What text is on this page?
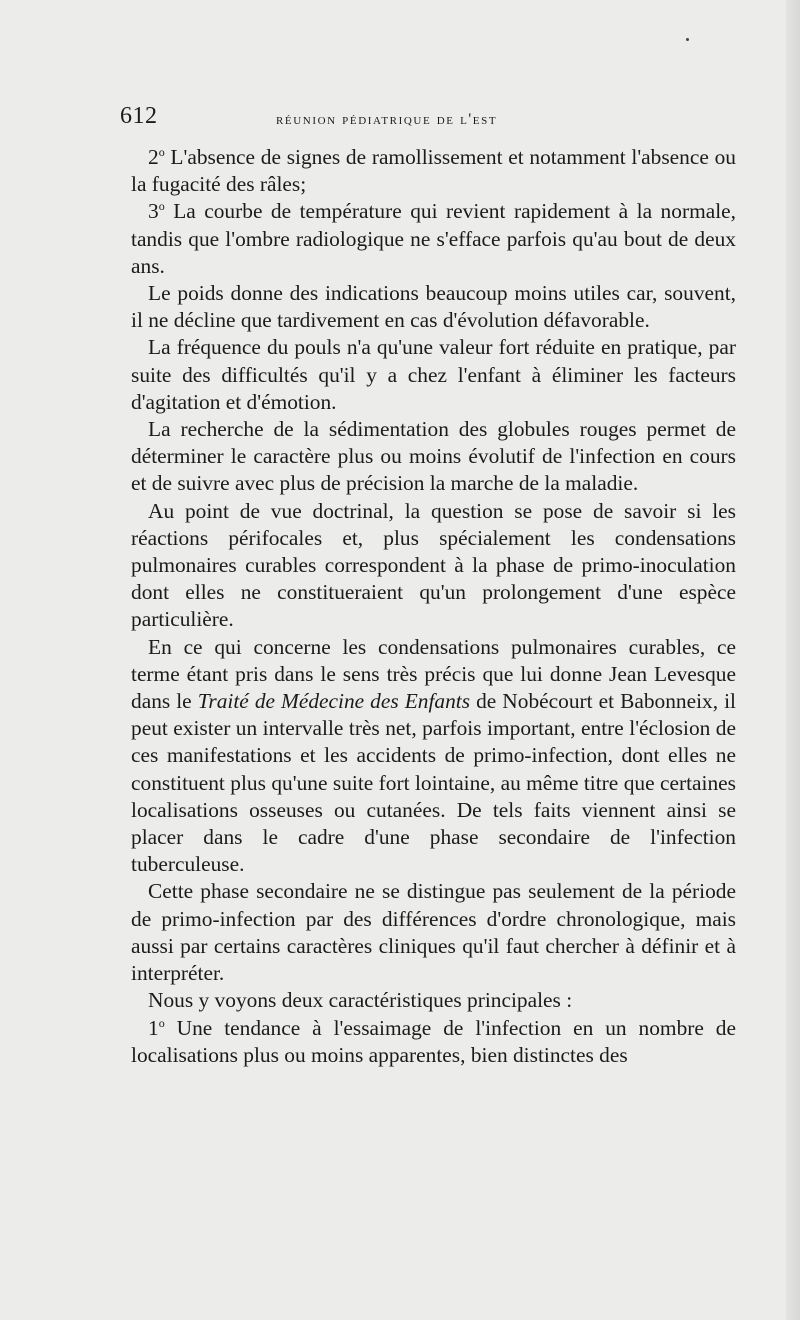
612	réunion pédiatrique de l'est

2$^o$ L'absence de signes de ramollissement et notamment l'absence ou la fugacité des râles;

3$^o$ La courbe de température qui revient rapidement à la normale, tandis que l'ombre radiologique ne s'efface parfois qu'au bout de deux ans.

Le poids donne des indications beaucoup moins utiles car, souvent, il ne décline que tardivement en cas d'évolution défavorable.

La fréquence du pouls n'a qu'une valeur fort réduite en pratique, par suite des difficultés qu'il y a chez l'enfant à éliminer les facteurs d'agitation et d'émotion.

La recherche de la sédimentation des globules rouges permet de déterminer le caractère plus ou moins évolutif de l'infection en cours et de suivre avec plus de précision la marche de la maladie.

Au point de vue doctrinal, la question se pose de savoir si les réactions périfocales et, plus spécialement les condensations pulmonaires curables correspondent à la phase de primo-inoculation dont elles ne constitueraient qu'un prolongement d'une espèce particulière.

En ce qui concerne les condensations pulmonaires curables, ce terme étant pris dans le sens très précis que lui donne Jean Levesque dans le Traité de Médecine des Enfants de Nobécourt et Babonneix, il peut exister un intervalle très net, parfois important, entre l'éclosion de ces manifestations et les accidents de primo-infection, dont elles ne constituent plus qu'une suite fort lointaine, au même titre que certaines localisations osseuses ou cutanées. De tels faits viennent ainsi se placer dans le cadre d'une phase secondaire de l'infection tuberculeuse.

Cette phase secondaire ne se distingue pas seulement de la période de primo-infection par des différences d'ordre chronologique, mais aussi par certains caractères cliniques qu'il faut chercher à définir et à interpréter.

Nous y voyons deux caractéristiques principales :

1$^o$ Une tendance à l'essaimage de l'infection en un nombre de localisations plus ou moins apparentes, bien distinctes des
